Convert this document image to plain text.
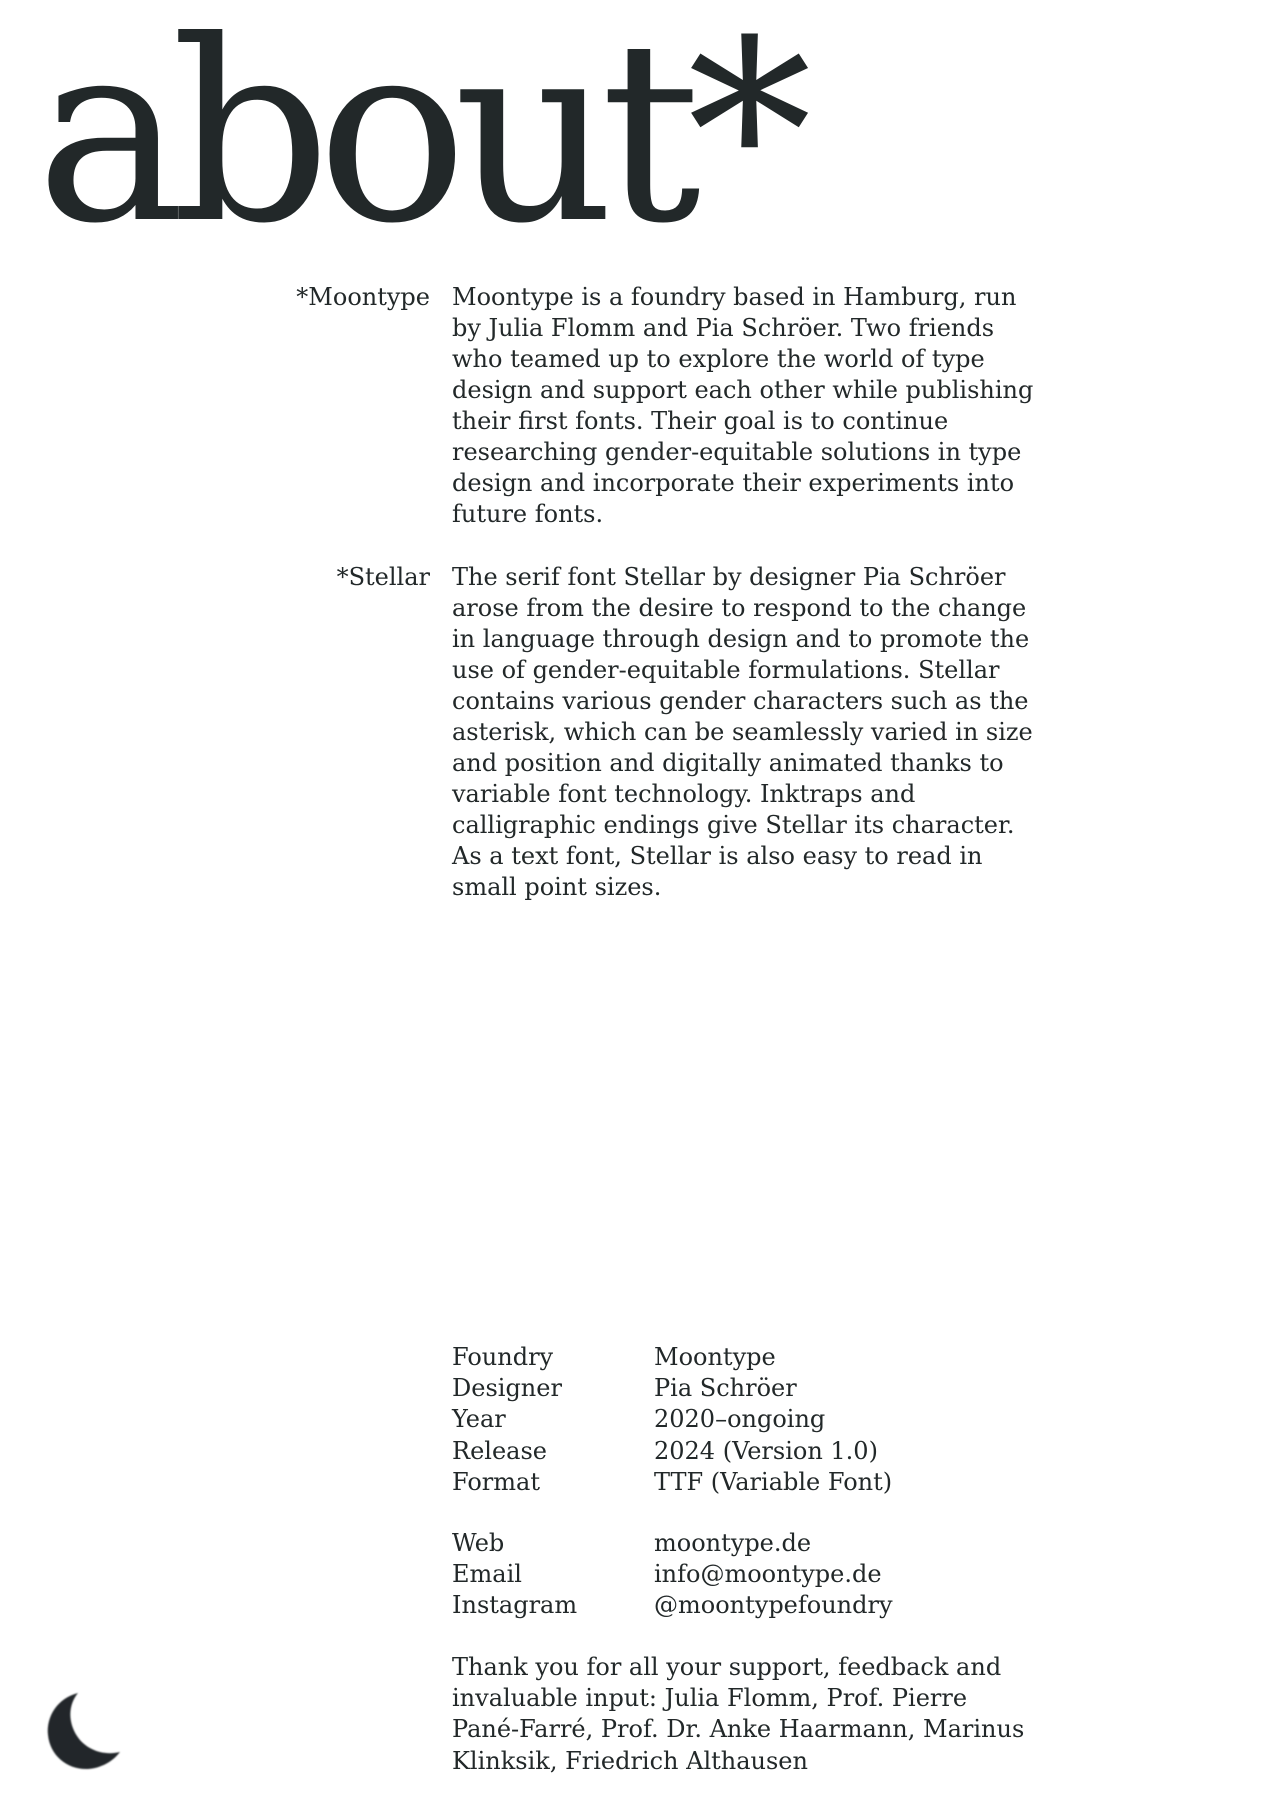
about*
*Moontype Moontype is a foundry based in Hamburg, run
by Julia Flomm and Pia Schröer. Two friends
who teamed up to explore the world of type
design and support each other while publishing
their first fonts. Their goal is to continue
researching gender-equitable solutions in type
design and incorporate their experiments into
future fonts.
*Stellar The serif font Stellar by designer Pia Schröer
arose from the desire to respond to the change
in language through design and to promote the
use of gender-equitable formulations. Stellar
contains various gender characters such as the
asterisk, which can be seamlessly varied in size
and position and digitally animated thanks to
variable font technology. Inktraps and
calligraphic endings give Stellar its character.
As a text font, Stellar is also easy to read in
small point sizes.
Foundry	Moontype
Designer	Pia Schröer
Year	2020–ongoing
Release	2024 (Version 1.0)
Format	TTF (Variable Font)
Web	moontype.de
Email	info@moontype.de
Instagram	@moontypefoundry
Thank you for all your support, feedback and
invaluable input: Julia Flomm, Prof. Pierre
Pané-Farré, Prof. Dr. Anke Haarmann, Marinus
Klinksik, Friedrich Althausen
